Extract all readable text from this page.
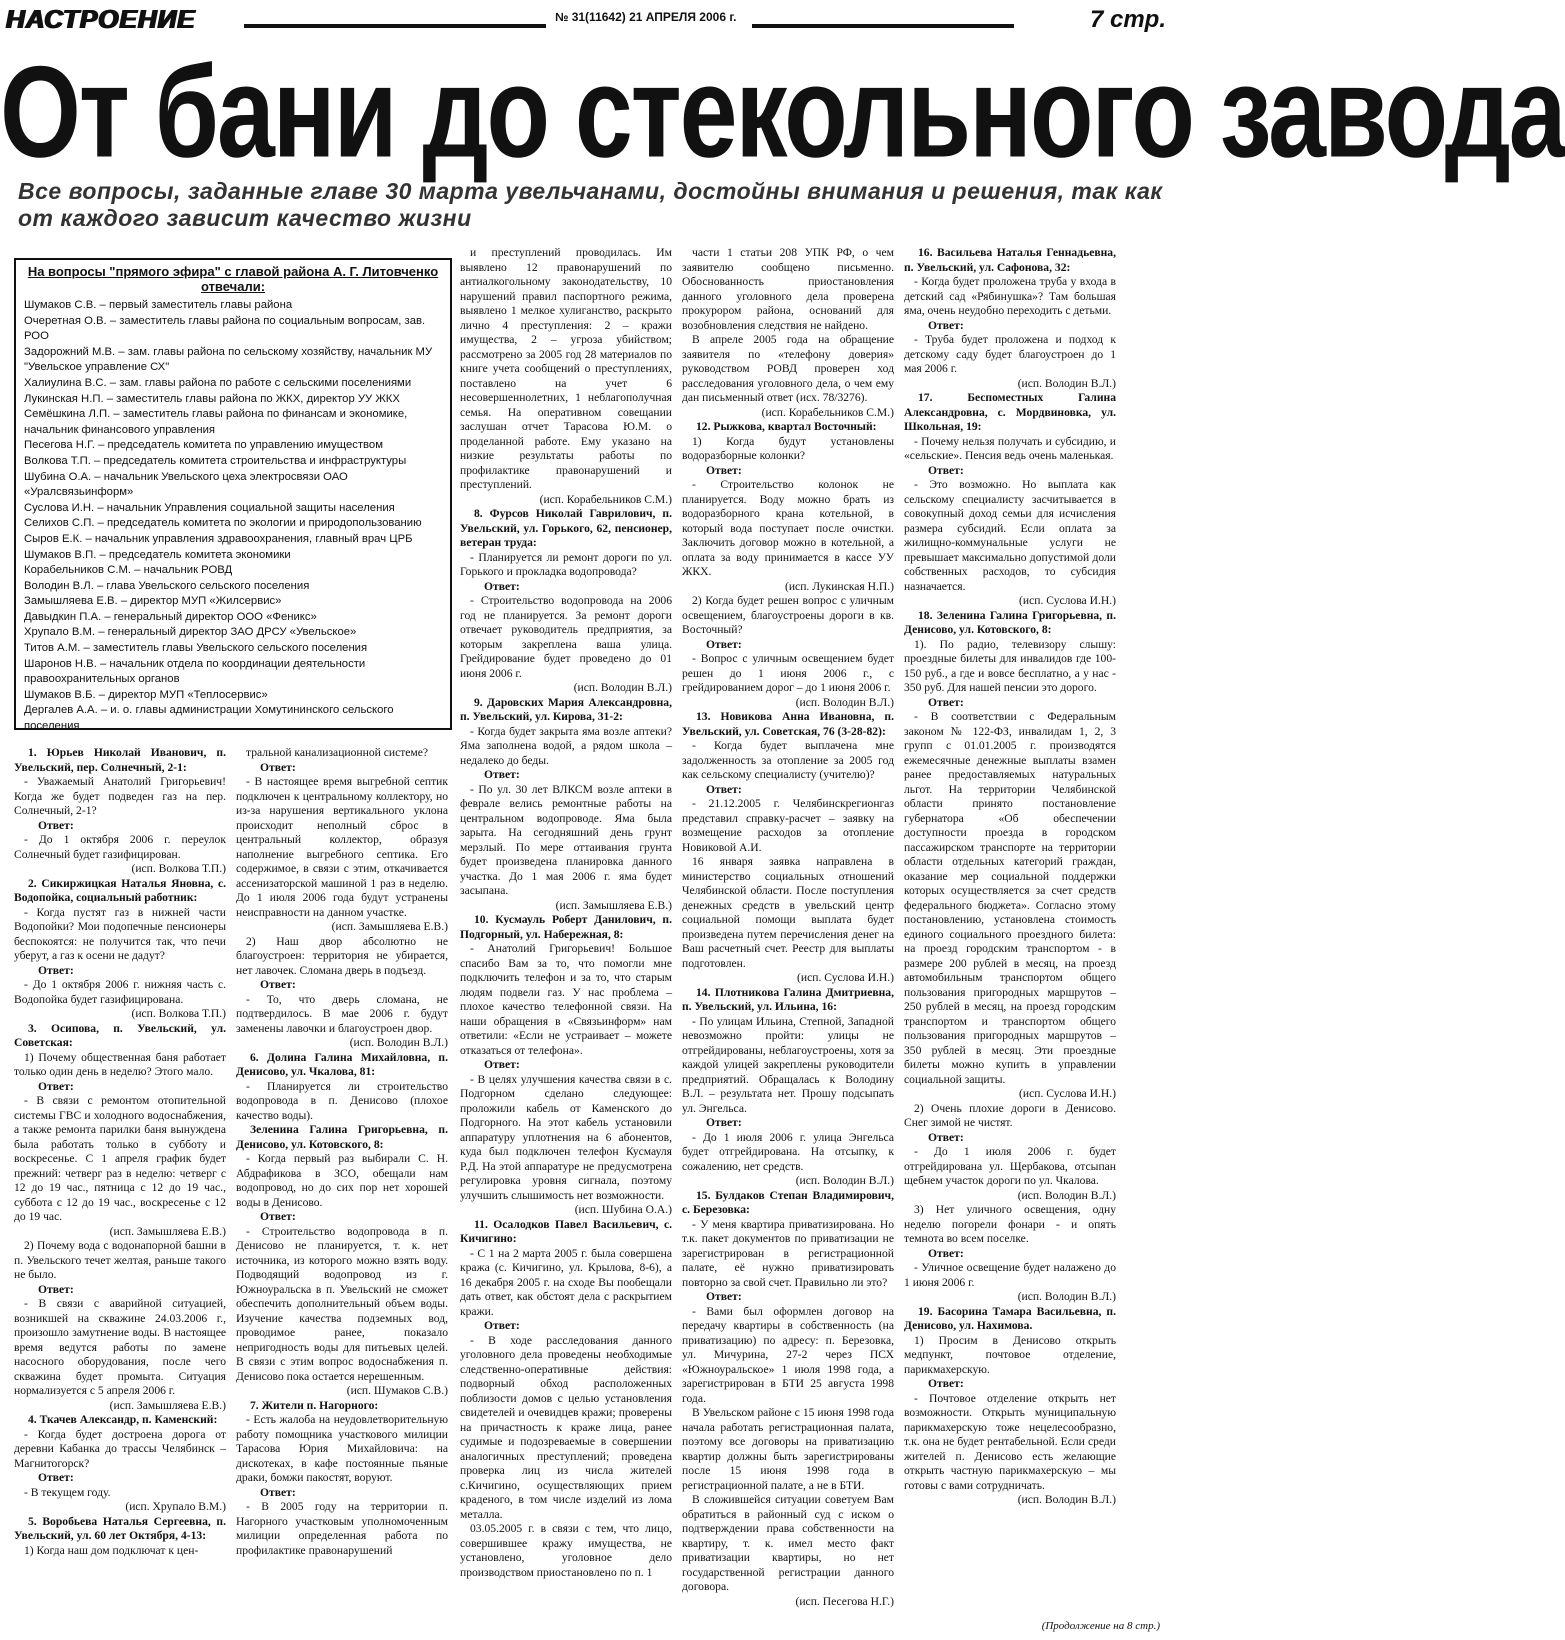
НАСТРОЕНИЕ	№ 31(11642) 21 АПРЕЛЯ 2006 г.	7 стр.
От бани до стекольного завода
Все вопросы, заданные главе 30 марта увельчанами, достойны внимания и решения, так как от каждого зависит качество жизни
На вопросы "прямого эфира" с главой района А. Г. Литовченко отвечали:

Шумаков С.В. – первый заместитель главы района

Очеретная О.В. – заместитель главы района по социальным вопросам, зав. РОО

Задорожний М.В. – зам. главы района по сельскому хозяйству, начальник МУ "Увельское управление СХ"

Халиулина В.С. – зам. главы района по работе с сельскими поселениями

Лукинская Н.П. – заместитель главы района по ЖКХ, директор УУ ЖКХ

Семёшкина Л.П. – заместитель главы района по финансам и экономике, начальник финансового управления

Песегова Н.Г. – председатель комитета по управлению имуществом

Волкова Т.П. – председатель комитета строительства и инфраструктуры

Шубина О.А. – начальник Увельского цеха электросвязи ОАО «Уралсвязьинформ»

Суслова И.Н. – начальник Управления социальной защиты населения

Селихов С.П. – председатель комитета по экологии и природопользованию

Сыров Е.К. – начальник управления здравоохранения, главный врач ЦРБ

Шумаков В.П. – председатель комитета экономики

Корабельников С.М. – начальник РОВД

Володин В.Л. – глава Увельского сельского поселения

Замышляева Е.В. – директор МУП «Жилсервис»

Давыдкин П.А. – генеральный директор ООО «Феникс»

Хрупало В.М. – генеральный директор ЗАО ДРСУ «Увельское»

Титов А.М. – заместитель главы Увельского сельского поселения

Шаронов Н.В. – начальник отдела по координации деятельности правоохранительных органов

Шумаков В.Б. – директор МУП «Теплосервис»

Дергалев А.А. – и. о. главы администрации Хомутининского сельского поселения

1. Юрьев Николай Иванович, п. Увельский, пер. Солнечный, 2-1:

- Уважаемый Анатолий Григорьевич! Когда же будет подведен газ на пер. Солнечный, 2-1?

Ответ:

- До 1 октября 2006 г. переулок Солнечный будет газифицирован.

(исп. Волкова Т.П.)

2. Сикиржицкая Наталья Яновна, с. Водопойка, социальный работник:

- Когда пустят газ в нижней части Водопойки? Мои подопечные пенсионеры беспокоятся: не получится так, что печи уберут, а газ к осени не дадут?

Ответ:

- До 1 октября 2006 г. нижняя часть с. Водопойка будет газифицирована.

(исп. Волкова Т.П.)

3. Осипова, п. Увельский, ул. Советская:

1) Почему общественная баня работает только один день в неделю? Этого мало.

Ответ:

- В связи с ремонтом отопительной системы ГВС и холодного водоснабжения, а также ремонта парилки баня вынуждена была работать только в субботу и воскресенье. С 1 апреля график будет прежний: четверг раз в неделю: четверг с 12 до 19 час., пятница с 12 до 19 час., суббота с 12 до 19 час., воскресенье с 12 до 19 час.

(исп. Замышляева Е.В.)

2) Почему вода с водонапорной башни в п. Увельского течет желтая, раньше такого не было.

Ответ:

- В связи с аварийной ситуацией, возникшей на скважине 24.03.2006 г., произошло замутнение воды. В настоящее время ведутся работы по замене насосного оборудования, после чего скважина будет промыта. Ситуация нормализуется с 5 апреля 2006 г.

(исп. Замышляева Е.В.)

4. Ткачев Александр, п. Каменский:

- Когда будет достроена дорога от деревни Кабанка до трассы Челябинск – Магнитогорск?

Ответ:

- В текущем году.

(исп. Хрупало В.М.)

5. Воробьева Наталья Сергеевна, п. Увельский, ул. 60 лет Октября, 4-13:

1) Когда наш дом подключат к цен-

тральной канализационной системе?

Ответ:

- В настоящее время выгребной септик подключен к центральному коллектору, но из-за нарушения вертикального уклона происходит неполный сброс в центральный коллектор, образуя наполнение выгребного септика. Его содержимое, в связи с этим, откачивается ассенизаторской машиной 1 раз в неделю. До 1 июля 2006 года будут устранены неисправности на данном участке.

(исп. Замышляева Е.В.)

2) Наш двор абсолютно не благоустроен: территория не убирается, нет лавочек. Сломана дверь в подъезд.

Ответ:

- То, что дверь сломана, не подтвердилось. В мае 2006 г. будут заменены лавочки и благоустроен двор.

(исп. Володин В.Л.)

6. Долина Галина Михайловна, п. Денисово, ул. Чкалова, 81:

- Планируется ли строительство водопровода в п. Денисово (плохое качество воды).

Зеленина Галина Григорьевна, п. Денисово, ул. Котовского, 8:

- Когда первый раз выбирали С. Н. Абдрафикова в ЗСО, обещали нам водопровод, но до сих пор нет хорошей воды в Денисово.

Ответ:

- Строительство водопровода в п. Денисово не планируется, т. к. нет источника, из которого можно взять воду. Подводящий водопровод из г. Южноуральска в п. Увельский не сможет обеспечить дополнительный объем воды. Изучение качества подземных вод, проводимое ранее, показало непригодность воды для питьевых целей. В связи с этим вопрос водоснабжения п. Денисово пока остается нерешенным.

(исп. Шумаков С.В.)

7. Жители п. Нагорного:

- Есть жалоба на неудовлетворительную работу помощника участкового милиции Тарасова Юрия Михайловича: на дискотеках, в кафе постоянные пьяные драки, бомжи пакостят, воруют.

Ответ:

- В 2005 году на территории п. Нагорного участковым уполномоченным милиции определенная работа по профилактике правонарушений

и преступлений проводилась. Им выявлено 12 правонарушений по антиалкогольному законодательству, 10 нарушений правил паспортного режима, выявлено 1 мелкое хулиганство, раскрыто лично 4 преступления: 2 – кражи имущества, 2 – угроза убийством; рассмотрено за 2005 год 28 материалов по книге учета сообщений о преступлениях, поставлено на учет 6 несовершеннолетних, 1 неблагополучная семья. На оперативном совещании заслушан отчет Тарасова Ю.М. о проделанной работе. Ему указано на низкие результаты работы по профилактике правонарушений и преступлений.

(исп. Корабельников С.М.)

8. Фурсов Николай Гаврилович, п. Увельский, ул. Горького, 62, пенсионер, ветеран труда:

- Планируется ли ремонт дороги по ул. Горького и прокладка водопровода?

Ответ:

- Строительство водопровода на 2006 год не планируется. За ремонт дороги отвечает руководитель предприятия, за которым закреплена ваша улица. Грейдирование будет проведено до 01 июня 2006 г.

(исп. Володин В.Л.)

9. Даровских Мария Александровна, п. Увельский, ул. Кирова, 31-2:

- Когда будет закрыта яма возле аптеки? Яма заполнена водой, а рядом школа – недалеко до беды.

Ответ:

- По ул. 30 лет ВЛКСМ возле аптеки в феврале велись ремонтные работы на центральном водопроводе. Яма была зарыта. На сегодняшний день грунт мерзлый. По мере оттаивания грунта будет произведена планировка данного участка. До 1 мая 2006 г. яма будет засыпана.

(исп. Замышляева Е.В.)

10. Кусмауль Роберт Данилович, п. Подгорный, ул. Набережная, 8:

- Анатолий Григорьевич! Большое спасибо Вам за то, что помогли мне подключить телефон и за то, что старым людям подвели газ. У нас проблема – плохое качество телефонной связи. На наши обращения в «Связьинформ» нам ответили: «Если не устраивает – можете отказаться от телефона».

Ответ:

- В целях улучшения качества связи в с. Подгорном сделано следующее: проложили кабель от Каменского до Подгорного. На этот кабель установили аппаратуру уплотнения на 6 абонентов, куда был подключен телефон Кусмауля Р.Д. На этой аппаратуре не предусмотрена регулировка уровня сигнала, поэтому улучшить слышимость нет возможности.

(исп. Шубина О.А.)

11. Осалодков Павел Васильевич, с. Кичигино:

- С 1 на 2 марта 2005 г. была совершена кража (с. Кичигино, ул. Крылова, 8-6), а 16 декабря 2005 г. на сходе Вы пообещали дать ответ, как обстоят дела с раскрытием кражи.

Ответ:

- В ходе расследования данного уголовного дела проведены необходимые следственно-оперативные действия: подворный обход расположенных поблизости домов с целью установления свидетелей и очевидцев кражи; проверены на причастность к краже лица, ранее судимые и подозреваемые в совершении аналогичных преступлений; проведена проверка лиц из числа жителей с.Кичигино, осуществляющих прием краденого, в том числе изделий из лома металла.

03.05.2005 г. в связи с тем, что лицо, совершившее кражу имущества, не установлено, уголовное дело производством приостановлено по п. 1

части 1 статьи 208 УПК РФ, о чем заявителю сообщено письменно. Обоснованность приостановления данного уголовного дела проверена прокурором района, оснований для возобновления следствия не найдено.

В апреле 2005 года на обращение заявителя по «телефону доверия» руководством РОВД проверен ход расследования уголовного дела, о чем ему дан письменный ответ (исх. 78/3276).

(исп. Корабельников С.М.)

12. Рыжкова, квартал Восточный:

1) Когда будут установлены водоразборные колонки?

Ответ:

- Строительство колонок не планируется. Воду можно брать из водоразборного крана котельной, в который вода поступает после очистки. Заключить договор можно в котельной, а оплата за воду принимается в кассе УУ ЖКХ.

(исп. Лукинская Н.П.)

2) Когда будет решен вопрос с уличным освещением, благоустроены дороги в кв. Восточный?

Ответ:

- Вопрос с уличным освещением будет решен до 1 июня 2006 г., с грейдированием дорог – до 1 июня 2006 г.

(исп. Володин В.Л.)

13. Новикова Анна Ивановна, п. Увельский, ул. Советская, 76 (3-28-82):

- Когда будет выплачена мне задолженность за отопление за 2005 год как сельскому специалисту (учителю)?

Ответ:

- 21.12.2005 г. Челябинскрегионгаз представил справку-расчет – заявку на возмещение расходов за отопление Новиковой А.И.

16 января заявка направлена в министерство социальных отношений Челябинской области. После поступления денежных средств в увельский центр социальной помощи выплата будет произведена путем перечисления денег на Ваш расчетный счет. Реестр для выплаты подготовлен.

(исп. Суслова И.Н.)

14. Плотникова Галина Дмитриевна, п. Увельский, ул. Ильина, 16:

- По улицам Ильина, Степной, Западной невозможно пройти: улицы не отгрейдированы, неблагоустроены, хотя за каждой улицей закреплены руководители предприятий. Обращалась к Володину В.Л. – результата нет. Прошу подсыпать ул. Энгельса.

Ответ:

- До 1 июля 2006 г. улица Энгельса будет отгрейдирована. На отсыпку, к сожалению, нет средств.

(исп. Володин В.Л.)

15. Булдаков Степан Владимирович, с. Березовка:

- У меня квартира приватизирована. Но т.к. пакет документов по приватизации не зарегистрирован в регистрационной палате, её нужно приватизировать повторно за свой счет. Правильно ли это?

Ответ:

- Вами был оформлен договор на передачу квартиры в собственность (на приватизацию) по адресу: п. Березовка, ул. Мичурина, 27-2 через ПСХ «Южноуральское» 1 июля 1998 года, а зарегистрирован в БТИ 25 августа 1998 года.

В Увельском районе с 15 июня 1998 года начала работать регистрационная палата, поэтому все договоры на приватизацию квартир должны быть зарегистрированы после 15 июня 1998 года в регистрационной палате, а не в БТИ.

В сложившейся ситуации советуем Вам обратиться в районный суд с иском о подтверждении права собственности на квартиру, т. к. имел место факт приватизации квартиры, но нет государственной регистрации данного договора.

(исп. Песегова Н.Г.)

16. Васильева Наталья Геннадьевна, п. Увельский, ул. Сафонова, 32:

- Когда будет проложена труба у входа в детский сад «Рябинушка»? Там большая яма, очень неудобно переходить с детьми.

Ответ:

- Труба будет проложена и подход к детскому саду будет благоустроен до 1 мая 2006 г.

(исп. Володин В.Л.)

17. Беспоместных Галина Александровна, с. Мордвиновка, ул. Школьная, 19:

- Почему нельзя получать и субсидию, и «сельские». Пенсия ведь очень маленькая.

Ответ:

- Это возможно. Но выплата как сельскому специалисту засчитывается в совокупный доход семьи для исчисления размера субсидий. Если оплата за жилищно-коммунальные услуги не превышает максимально допустимой доли собственных расходов, то субсидия назначается.

(исп. Суслова И.Н.)

18. Зеленина Галина Григорьевна, п. Денисово, ул. Котовского, 8:

1). По радио, телевизору слышу: проездные билеты для инвалидов где 100-150 руб., а где и вовсе бесплатно, а у нас - 350 руб. Для нашей пенсии это дорого.

Ответ:

- В соответствии с Федеральным законом № 122-ФЗ, инвалидам 1, 2, 3 групп с 01.01.2005 г. производятся ежемесячные денежные выплаты взамен ранее предоставляемых натуральных льгот. На территории Челябинской области принято постановление губернатора «Об обеспечении доступности проезда в городском пассажирском транспорте на территории области отдельных категорий граждан, оказание мер социальной поддержки которых осуществляется за счет средств федерального бюджета». Согласно этому постановлению, установлена стоимость единого социального проездного билета: на проезд городским транспортом - в размере 200 рублей в месяц, на проезд автомобильным транспортом общего пользования пригородных маршрутов – 250 рублей в месяц, на проезд городским транспортом и транспортом общего пользования пригородных маршрутов – 350 рублей в месяц. Эти проездные билеты можно купить в управлении социальной защиты.

(исп. Суслова И.Н.)

2) Очень плохие дороги в Денисово. Снег зимой не чистят.

Ответ:

- До 1 июля 2006 г. будет отгрейдирована ул. Щербакова, отсыпан щебнем участок дороги по ул. Чкалова.

(исп. Володин В.Л.)

3) Нет уличного освещения, одну неделю погорели фонари - и опять темнота во всем поселке.

Ответ:

- Уличное освещение будет налажено до 1 июня 2006 г.

(исп. Володин В.Л.)

19. Басорина Тамара Васильевна, п. Денисово, ул. Нахимова.

1) Просим в Денисово открыть медпункт, почтовое отделение, парикмахерскую.

Ответ:

- Почтовое отделение открыть нет возможности. Открыть муниципальную парикмахерскую тоже нецелесообразно, т.к. она не будет рентабельной. Если среди жителей п. Денисово есть желающие открыть частную парикмахерскую – мы готовы с вами сотрудничать.

(исп. Володин В.Л.)

(Продолжение на 8 стр.)
